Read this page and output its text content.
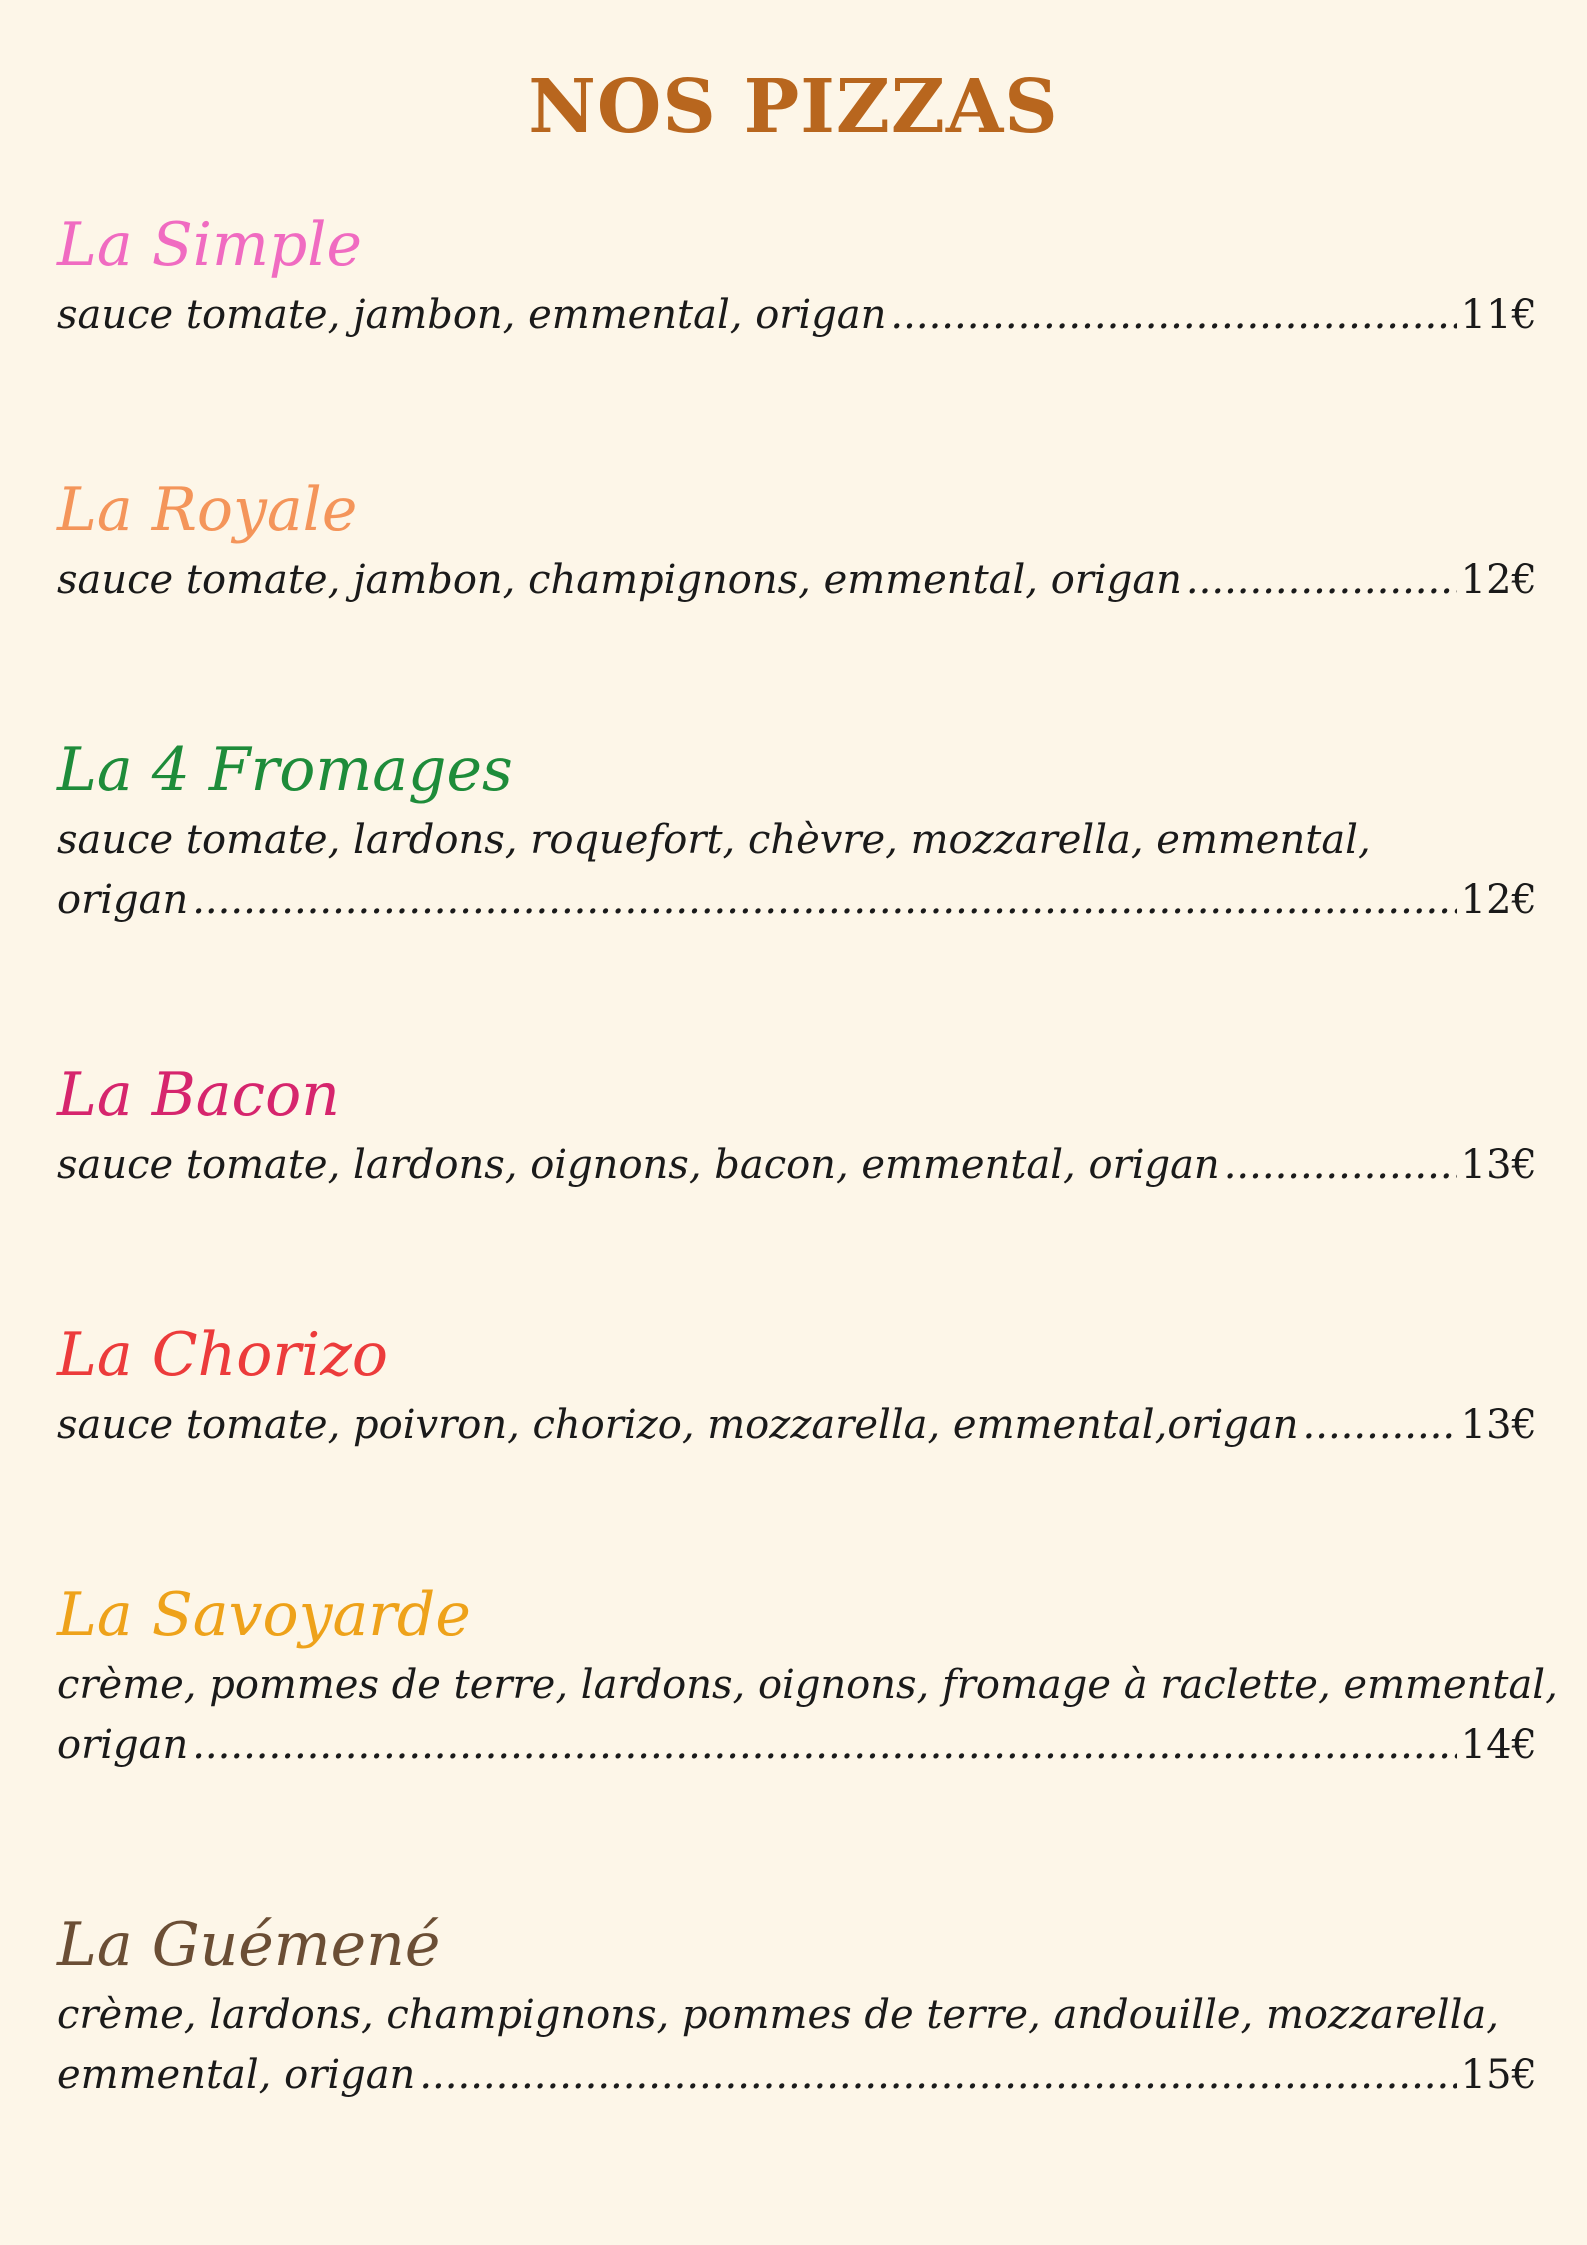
NOS PIZZAS
La Simple
sauce tomate, jambon, emmental, origan .....	11€
La Royale
sauce tomate, jambon, champignons, emmental, origan .....	12€
La 4 Fromages
sauce tomate, lardons, roquefort, chèvre, mozzarella, emmental,
origan .....	12€
La Bacon
sauce tomate, lardons, oignons, bacon, emmental, origan .....	13€
La Chorizo
sauce tomate, poivron, chorizo, mozzarella, emmental,origan .....	13€
La Savoyarde
crème, pommes de terre, lardons, oignons, fromage à raclette, emmental,
origan .....	14€
La Guémené
crème, lardons, champignons, pommes de terre, andouille, mozzarella,
emmental, origan .....	15€
